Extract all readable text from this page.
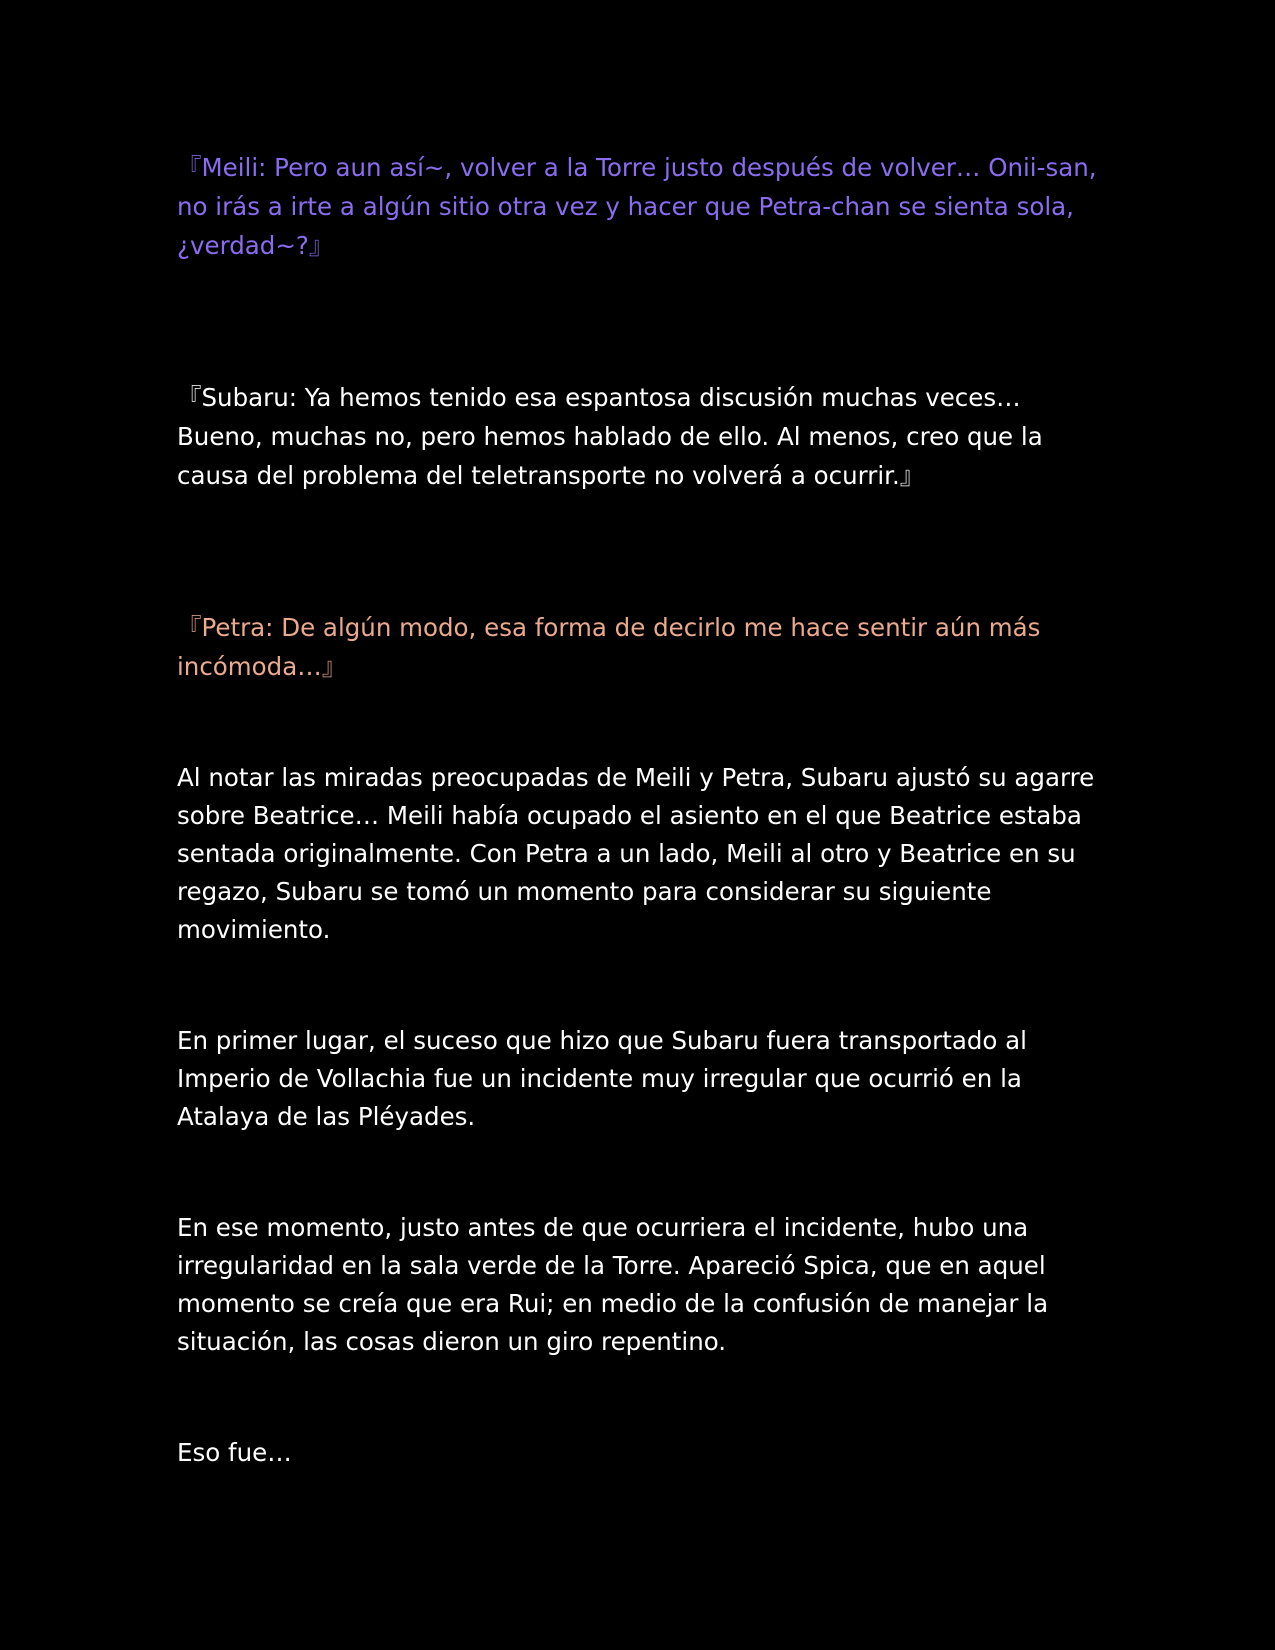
『Meili: Pero aun así~, volver a la Torre justo después de volver… Onii-san, no irás a irte a algún sitio otra vez y hacer que Petra-chan se sienta sola, ¿verdad~?』

『Subaru: Ya hemos tenido esa espantosa discusión muchas veces… Bueno, muchas no, pero hemos hablado de ello. Al menos, creo que la causa del problema del teletransporte no volverá a ocurrir.』

『Petra: De algún modo, esa forma de decirlo me hace sentir aún más incómoda…』

Al notar las miradas preocupadas de Meili y Petra, Subaru ajustó su agarre sobre Beatrice… Meili había ocupado el asiento en el que Beatrice estaba sentada originalmente. Con Petra a un lado, Meili al otro y Beatrice en su regazo, Subaru se tomó un momento para considerar su siguiente movimiento.

En primer lugar, el suceso que hizo que Subaru fuera transportado al Imperio de Vollachia fue un incidente muy irregular que ocurrió en la Atalaya de las Pléyades.

En ese momento, justo antes de que ocurriera el incidente, hubo una irregularidad en la sala verde de la Torre. Apareció Spica, que en aquel momento se creía que era Rui; en medio de la confusión de manejar la situación, las cosas dieron un giro repentino.

Eso fue…
